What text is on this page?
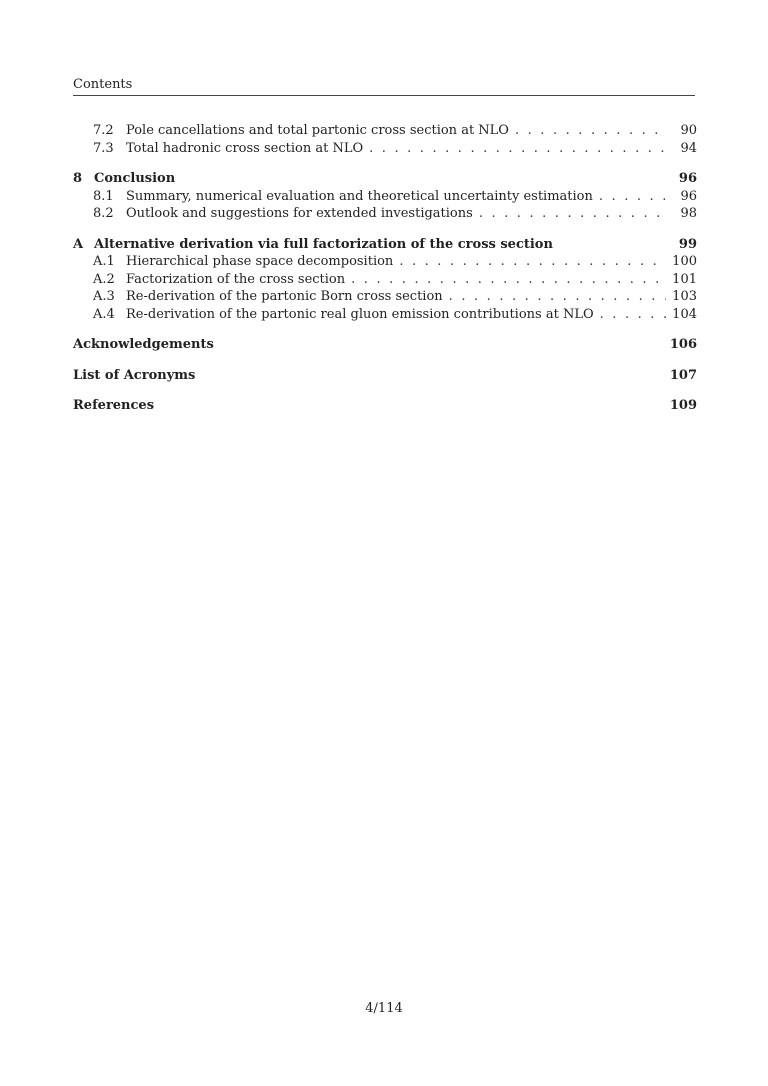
Contents
7.2 Pole cancellations and total partonic cross section at NLO . . .	90
7.3 Total hadronic cross section at NLO . . .	94
8 Conclusion	96
8.1 Summary, numerical evaluation and theoretical uncertainty estimation . . .	96
8.2 Outlook and suggestions for extended investigations . . .	98
A Alternative derivation via full factorization of the cross section	99
A.1 Hierarchical phase space decomposition . . .	100
A.2 Factorization of the cross section . . .	101
A.3 Re-derivation of the partonic Born cross section . . .	103
A.4 Re-derivation of the partonic real gluon emission contributions at NLO . . .	104
Acknowledgements	106
List of Acronyms	107
References	109
4/114
